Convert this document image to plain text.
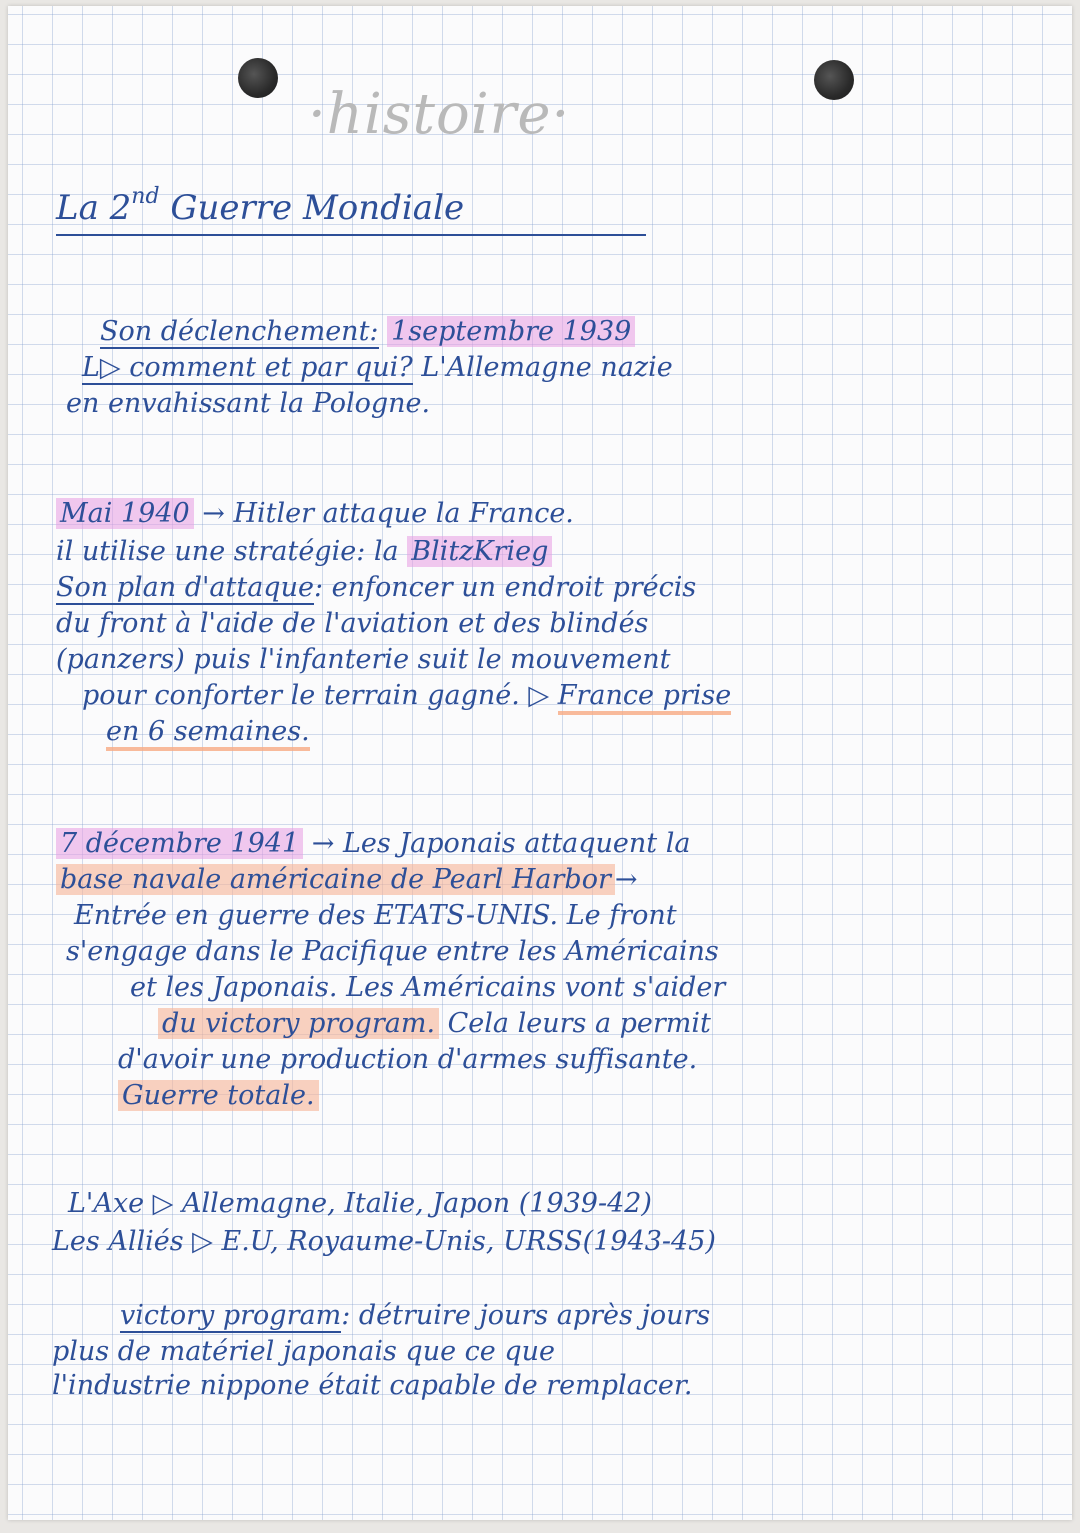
·histoire·
La 2nd Guerre Mondiale
Son déclenchement: 1septembre 1939
L▷ comment et par qui? L'Allemagne nazie
en envahissant la Pologne.
Mai 1940 → Hitler attaque la France.
il utilise une stratégie: la BlitzKrieg
Son plan d'attaque: enfoncer un endroit précis
du front à l'aide de l'aviation et des blindés
(panzers) puis l'infanterie suit le mouvement
pour conforter le terrain gagné. ▷ France prise
en 6 semaines.
7 décembre 1941 → Les Japonais attaquent la
base navale américaine de Pearl Harbor →
Entrée en guerre des ETATS-UNIS. Le front
s'engage dans le Pacifique entre les Américains
et les Japonais. Les Américains vont s'aider
du victory program. Cela leurs a permit
d'avoir une production d'armes suffisante.
Guerre totale.
L'Axe ▷ Allemagne, Italie, Japon (1939-42)
Les Alliés ▷ E.U, Royaume-Unis, URSS(1943-45)
victory program: détruire jours après jours
plus de matériel japonais que ce que
l'industrie nippone était capable de remplacer.
